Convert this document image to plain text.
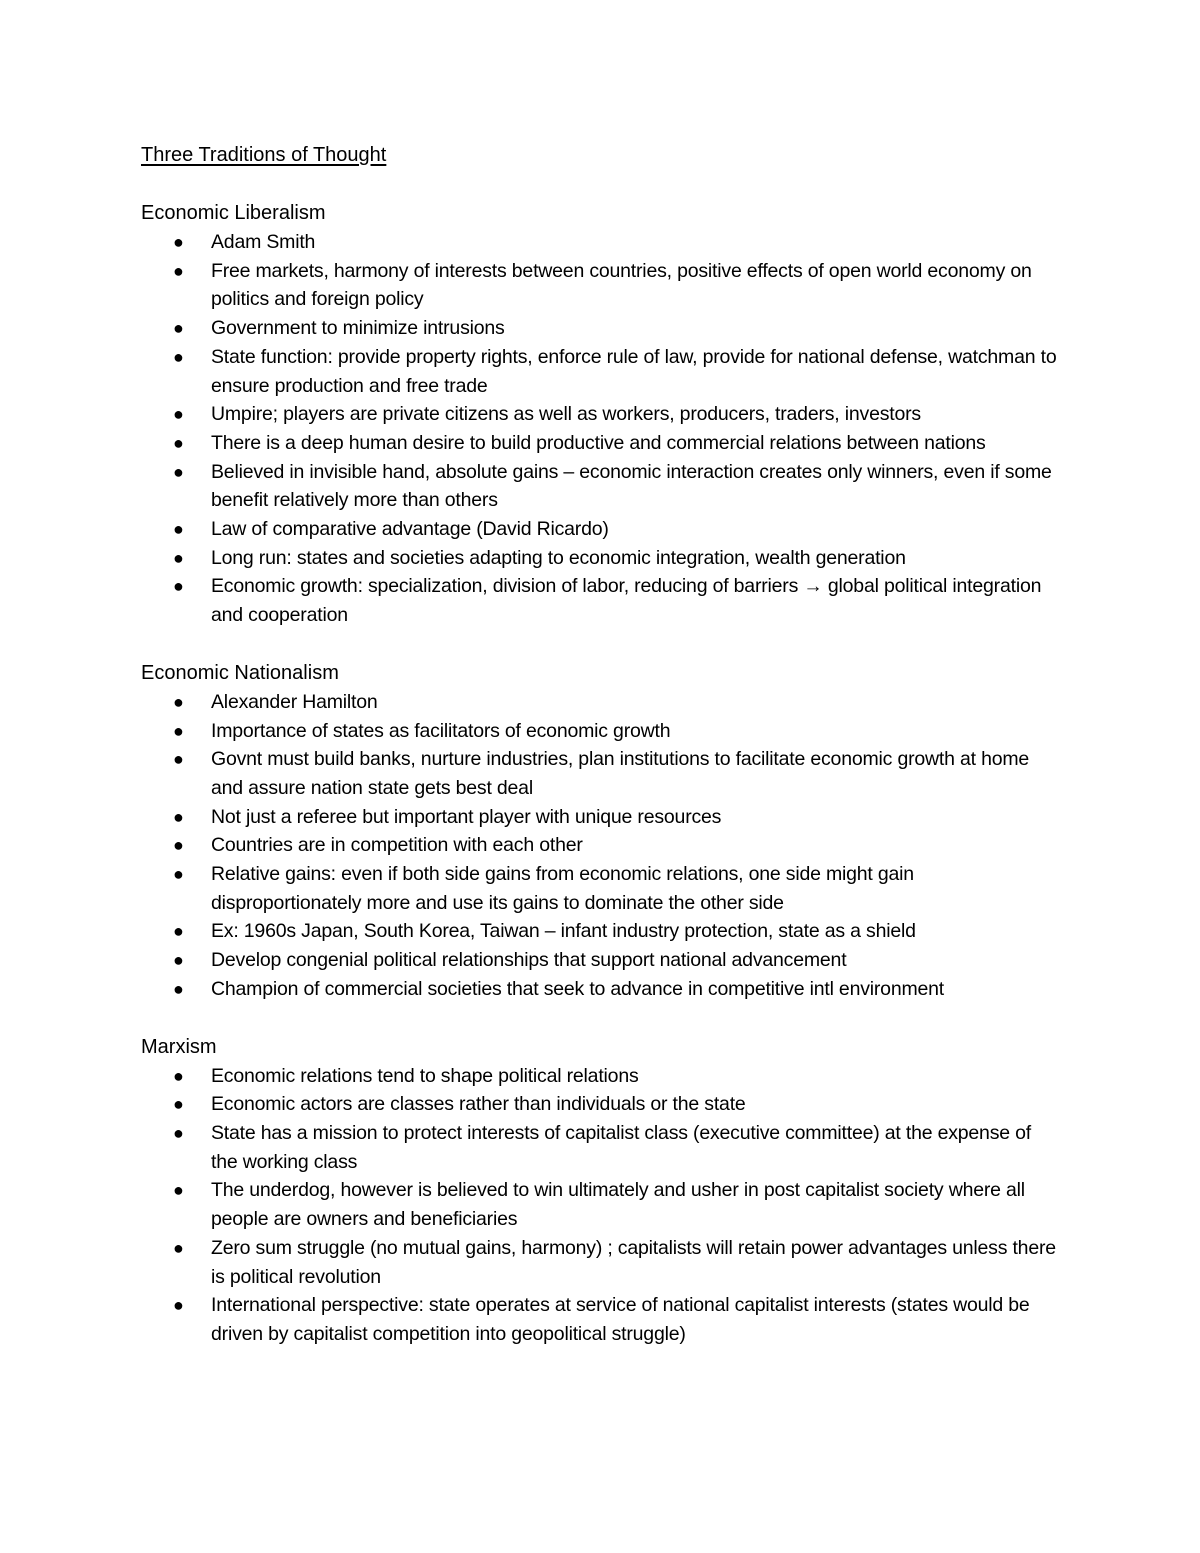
Three Traditions of Thought
Economic Liberalism
● Adam Smith
● Free markets, harmony of interests between countries, positive effects of open world economy on politics and foreign policy
● Government to minimize intrusions
● State function: provide property rights, enforce rule of law, provide for national defense, watchman to ensure production and free trade
● Umpire; players are private citizens as well as workers, producers, traders, investors
● There is a deep human desire to build productive and commercial relations between nations
● Believed in invisible hand, absolute gains – economic interaction creates only winners, even if some benefit relatively more than others
● Law of comparative advantage (David Ricardo)
● Long run: states and societies adapting to economic integration, wealth generation
● Economic growth: specialization, division of labor, reducing of barriers → global political integration and cooperation
Economic Nationalism
● Alexander Hamilton
● Importance of states as facilitators of economic growth
● Govnt must build banks, nurture industries, plan institutions to facilitate economic growth at home and assure nation state gets best deal
● Not just a referee but important player with unique resources
● Countries are in competition with each other
● Relative gains: even if both side gains from economic relations, one side might gain disproportionately more and use its gains to dominate the other side
● Ex: 1960s Japan, South Korea, Taiwan – infant industry protection, state as a shield
● Develop congenial political relationships that support national advancement
● Champion of commercial societies that seek to advance in competitive intl environment
Marxism
● Economic relations tend to shape political relations
● Economic actors are classes rather than individuals or the state
● State has a mission to protect interests of capitalist class (executive committee) at the expense of the working class
● The underdog, however is believed to win ultimately and usher in post capitalist society where all people are owners and beneficiaries
● Zero sum struggle (no mutual gains, harmony) ; capitalists will retain power advantages unless there is political revolution
● International perspective: state operates at service of national capitalist interests (states would be driven by capitalist competition into geopolitical struggle)
